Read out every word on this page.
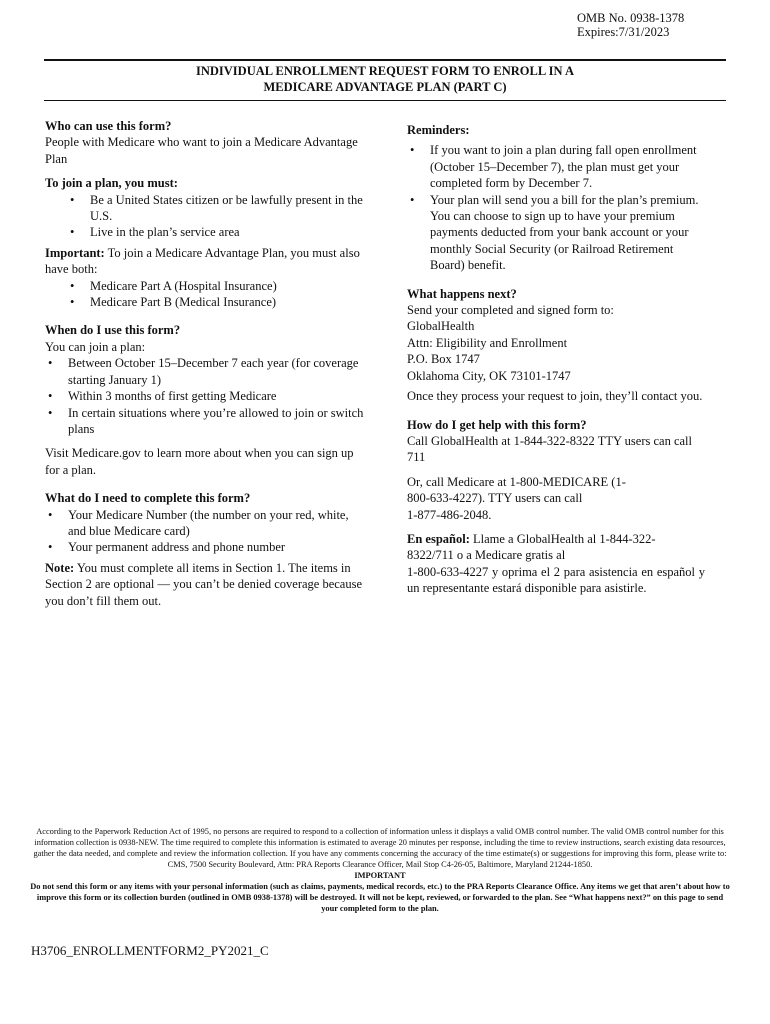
OMB No. 0938-1378
Expires:7/31/2023
INDIVIDUAL ENROLLMENT REQUEST FORM TO ENROLL IN A
MEDICARE ADVANTAGE PLAN (PART C)

Who can use this form?

People with Medicare who want to join a Medicare Advantage Plan

To join a plan, you must:

• Be a United States citizen or be lawfully present in the U.S.
• Live in the plan’s service area

Important: To join a Medicare Advantage Plan, you must also have both:

• Medicare Part A (Hospital Insurance)
• Medicare Part B (Medical Insurance)

When do I use this form?

You can join a plan:

• Between October 15–December 7 each year (for coverage starting January 1)
• Within 3 months of first getting Medicare
• In certain situations where you’re allowed to join or switch plans

Visit Medicare.gov to learn more about when you can sign up for a plan.

What do I need to complete this form?

• Your Medicare Number (the number on your red, white, and blue Medicare card)
• Your permanent address and phone number

Note: You must complete all items in Section 1. The items in Section 2 are optional — you can’t be denied coverage because you don’t fill them out.

Reminders:

• If you want to join a plan during fall open enrollment (October 15–December 7), the plan must get your completed form by December 7.
• Your plan will send you a bill for the plan’s premium. You can choose to sign up to have your premium payments deducted from your bank account or your monthly Social Security (or Railroad Retirement Board) benefit.

What happens next?

Send your completed and signed form to:

GlobalHealth

Attn: Eligibility and Enrollment

P.O. Box 1747

Oklahoma City, OK 73101-1747

Once they process your request to join, they’ll contact you.

How do I get help with this form?

Call GlobalHealth at 1-844-322-8322 TTY users can call 711

Or, call Medicare at 1-800-MEDICARE (1-

800-633-4227). TTY users can call

1-877-486-2048.

En español: Llame a GlobalHealth al 1-844-322-

8322/711 o a Medicare gratis al

1-800-633-4227 y oprima el 2 para asistencia en español y un representante estará disponible para asistirle.

According to the Paperwork Reduction Act of 1995, no persons are required to respond to a collection of information unless it displays a valid OMB control number. The valid OMB control number for this information collection is 0938-NEW. The time required to complete this information is estimated to average 20 minutes per response, including the time to review instructions, search existing data resources, gather the data needed, and complete and review the information collection. If you have any comments concerning the accuracy of the time estimate(s) or suggestions for improving this form, please write to: CMS, 7500 Security Boulevard, Attn: PRA Reports Clearance Officer, Mail Stop C4-26-05, Baltimore, Maryland 21244-1850.
IMPORTANT
Do not send this form or any items with your personal information (such as claims, payments, medical records, etc.) to the PRA Reports Clearance Office. Any items we get that aren’t about how to improve this form or its collection burden (outlined in OMB 0938-1378) will be destroyed. It will not be kept, reviewed, or forwarded to the plan. See “What happens next?” on this page to send your completed form to the plan.
H3706_ENROLLMENTFORM2_PY2021_C
